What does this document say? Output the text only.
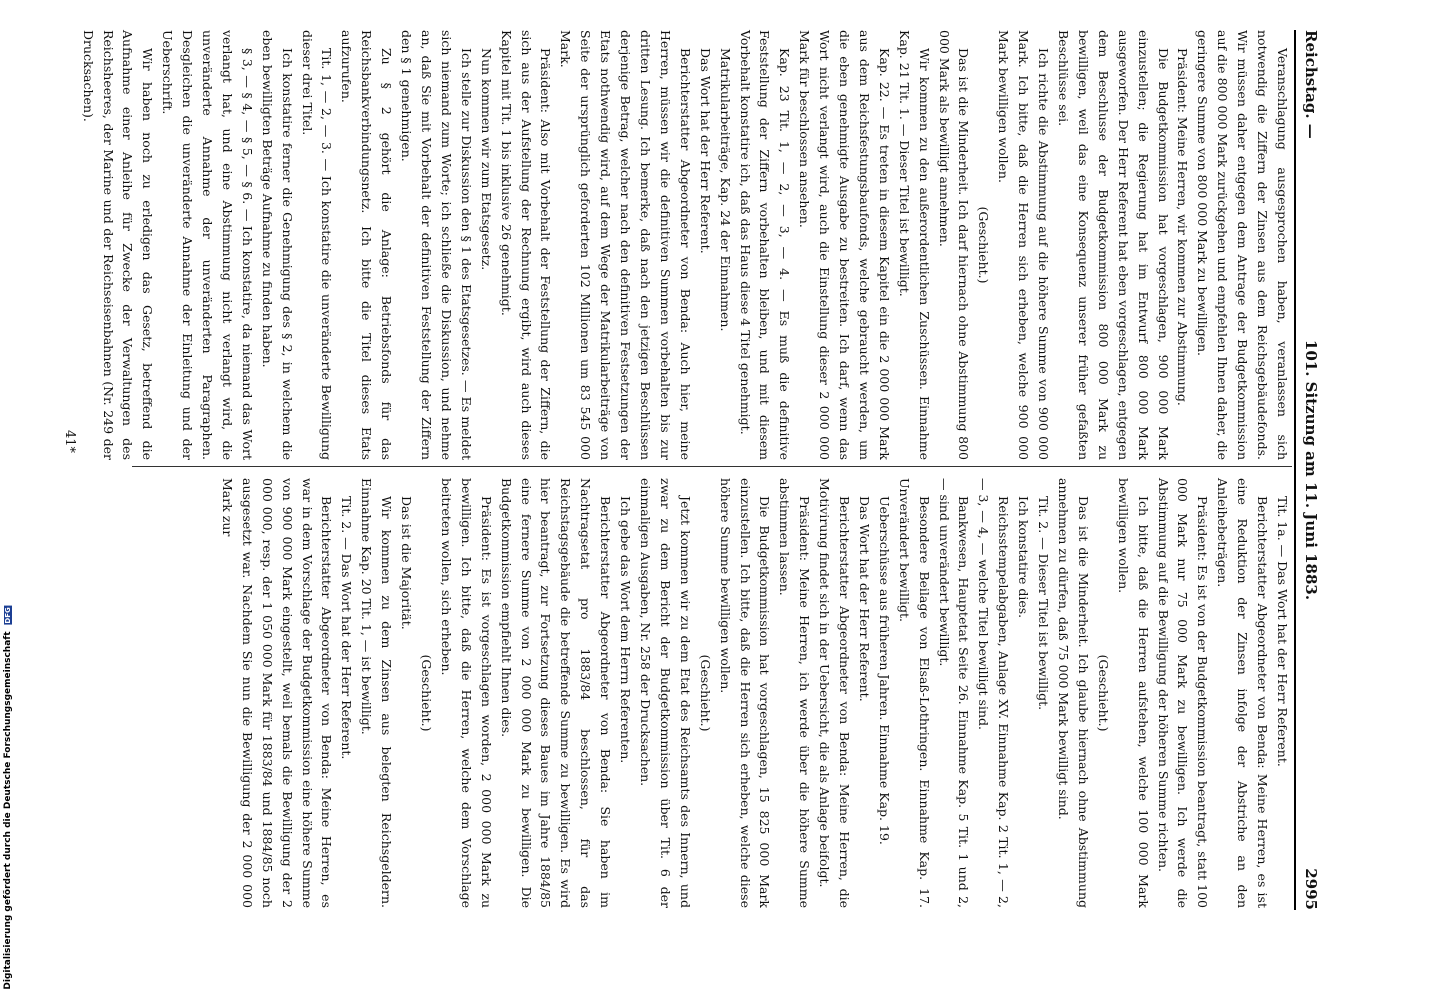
Digitalisierung gefördert durch die Deutsche Forschungsgemeinschaft DFG
Reichstag. —
101. Sitzung am 11. Juni 1883.
2995

Veranschlagung ausgesprochen haben, veranlassen sich notwendig die Ziffern der Zinsen aus dem Reichsgebäudefonds. Wir müssen daher entgegen dem Antrage der Budgetkommission auf die 800 000 Mark zurückgehen und empfehlen Ihnen daher, die geringere Summe von 800 000 Mark zu bewilligen.

Präsident: Meine Herren, wir kommen zur Abstimmung.

Die Budgetkommission hat vorgeschlagen, 900 000 Mark einzustellen; die Regierung hat im Entwurf 800 000 Mark ausgeworfen. Der Herr Referent hat eben vorgeschlagen, entgegen dem Beschlusse der Budgetkommission 800 000 Mark zu bewilligen, weil das eine Konsequenz unserer früher gefaßten Beschlüsse sei.

Ich richte die Abstimmung auf die höhere Summe von 900 000 Mark. Ich bitte, daß die Herren sich erheben, welche 900 000 Mark bewilligen wollen.

(Geschieht.)

Das ist die Minderheit. Ich darf hiernach ohne Abstimmung 800 000 Mark als bewilligt annehmen.

Wir kommen zu den außerordentlichen Zuschüssen. Einnahme Kap. 21 Tit. 1. — Dieser Titel ist bewilligt.

Kap. 22. — Es treten in diesem Kapitel ein die 2 000 000 Mark aus dem Reichsfestungsbaufonds, welche gebraucht werden, um die eben genehmigte Ausgabe zu bestreiten. Ich darf, wenn das Wort nicht verlangt wird, auch die Einstellung dieser 2 000 000 Mark für beschlossen ansehen.

Kap. 23 Tit. 1, — 2, — 3, — 4. — Es muß die definitive Feststellung der Ziffern vorbehalten bleiben, und mit diesem Vorbehalt konstatire ich, daß das Haus diese 4 Titel genehmigt.

Matrikularbeiträge, Kap. 24 der Einnahmen.

Das Wort hat der Herr Referent.

Berichterstatter Abgeordneter von Benda: Auch hier, meine Herren, müssen wir die definitiven Summen vorbehalten bis zur dritten Lesung. Ich bemerke, daß nach den jetzigen Beschlüssen derjenige Betrag, welcher nach den definitiven Festsetzungen der Etats nothwendig wird, auf dem Wege der Matrikularbeiträge von Seite der ursprünglich geforderten 102 Millionen um 83 545 000 Mark.

Präsident: Also mit Vorbehalt der Feststellung der Ziffern, die sich aus der Aufstellung der Rechnung ergibt, wird auch dieses Kapitel mit Tit. 1 bis inklusive 26 genehmigt.

Nun kommen wir zum Etatsgesetz.

Ich stelle zur Diskussion den § 1 des Etatsgesetzes. — Es meldet sich niemand zum Worte; ich schließe die Diskussion, und nehme an, daß Sie mit Vorbehalt der definitiven Feststellung der Ziffern den § 1 genehmigen.

Zu § 2 gehört die Anlage: Betriebsfonds für das Reichsbankverbindungsnetz. Ich bitte die Titel dieses Etats aufzurufen.

Tit. 1, — 2, — 3. — Ich konstatire die unveränderte Bewilligung dieser drei Titel.

Ich konstatire ferner die Genehmigung des § 2, in welchem die eben bewilligten Beträge Aufnahme zu finden haben.

§ 3, — § 4, — § 5, — § 6. — Ich konstatire, da niemand das Wort verlangt hat, und eine Abstimmung nicht verlangt wird, die unveränderte Annahme der unveränderten Paragraphen. Desgleichen die unveränderte Annahme der Einleitung und der Ueberschrift.

Wir haben noch zu erledigen das Gesetz, betreffend die Aufnahme einer Anleihe für Zwecke der Verwaltungen des Reichsheeres, der Marine und der Reichseisenbahnen (Nr. 249 der Drucksachen).

Tit. 1a. — Das Wort hat der Herr Referent.

Berichterstatter Abgeordneter von Benda: Meine Herren, es ist eine Reduktion der Zinsen infolge der Abstriche an den Anleihebeträgen.

Präsident: Es ist von der Budgetkommission beantragt, statt 100 000 Mark nur 75 000 Mark zu bewilligen. Ich werde die Abstimmung auf die Bewilligung der höheren Summe richten.

Ich bitte, daß die Herren aufstehen, welche 100 000 Mark bewilligen wollen.

(Geschieht.)

Das ist die Minderheit. Ich glaube hiernach ohne Abstimmung annehmen zu dürfen, daß 75 000 Mark bewilligt sind.

Tit. 2. — Dieser Titel ist bewilligt.

Ich konstatire dies.

Reichsstempelabgaben, Anlage XV. Einnahme Kap. 2 Tit. 1, — 2, — 3, — 4, — welche Titel bewilligt sind.

Bankwesen, Hauptetat Seite 26. Einnahme Kap. 5 Tit. 1 und 2, — sind unverändert bewilligt.

Besondere Beilage von Elsaß-Lothringen. Einnahme Kap. 17. Unverändert bewilligt.

Ueberschüsse aus früheren Jahren. Einnahme Kap. 19.

Das Wort hat der Herr Referent.

Berichterstatter Abgeordneter von Benda: Meine Herren, die Motivirung findet sich in der Uebersicht, die als Anlage beifolgt.

Präsident: Meine Herren, ich werde über die höhere Summe abstimmen lassen.

Die Budgetkommission hat vorgeschlagen, 15 825 000 Mark einzustellen. Ich bitte, daß die Herren sich erheben, welche diese höhere Summe bewilligen wollen.

(Geschieht.)

Jetzt kommen wir zu dem Etat des Reichsamts des Innern, und zwar zu dem Bericht der Budgetkommission über Tit. 6 der einmaligen Ausgaben, Nr. 258 der Drucksachen.

Ich gebe das Wort dem Herrn Referenten.

Berichterstatter Abgeordneter von Benda: Sie haben im Nachtragsetat pro 1883/84 beschlossen, für das Reichstagsgebäude die betreffende Summe zu bewilligen. Es wird hier beantragt, zur Fortsetzung dieses Baues im Jahre 1884/85 eine fernere Summe von 2 000 000 Mark zu bewilligen. Die Budgetkommission empfiehlt Ihnen dies.

Präsident: Es ist vorgeschlagen worden, 2 000 000 Mark zu bewilligen. Ich bitte, daß die Herren, welche dem Vorschlage beitreten wollen, sich erheben.

(Geschieht.)

Das ist die Majorität.

Wir kommen zu dem Zinsen aus belegten Reichsgeldern. Einnahme Kap. 20 Tit. 1, — ist bewilligt.

Tit. 2. — Das Wort hat der Herr Referent.

Berichterstatter Abgeordneter von Benda: Meine Herren, es war in dem Vorschlage der Budgetkommission eine höhere Summe von 900 000 Mark eingestellt, weil bemals die Bewilligung der 2 000 000, resp. der 1 050 000 Mark für 1883/84 und 1884/85 noch ausgesetzt war. Nachdem Sie nun die Bewilligung der 2 000 000 Mark zur

41*
